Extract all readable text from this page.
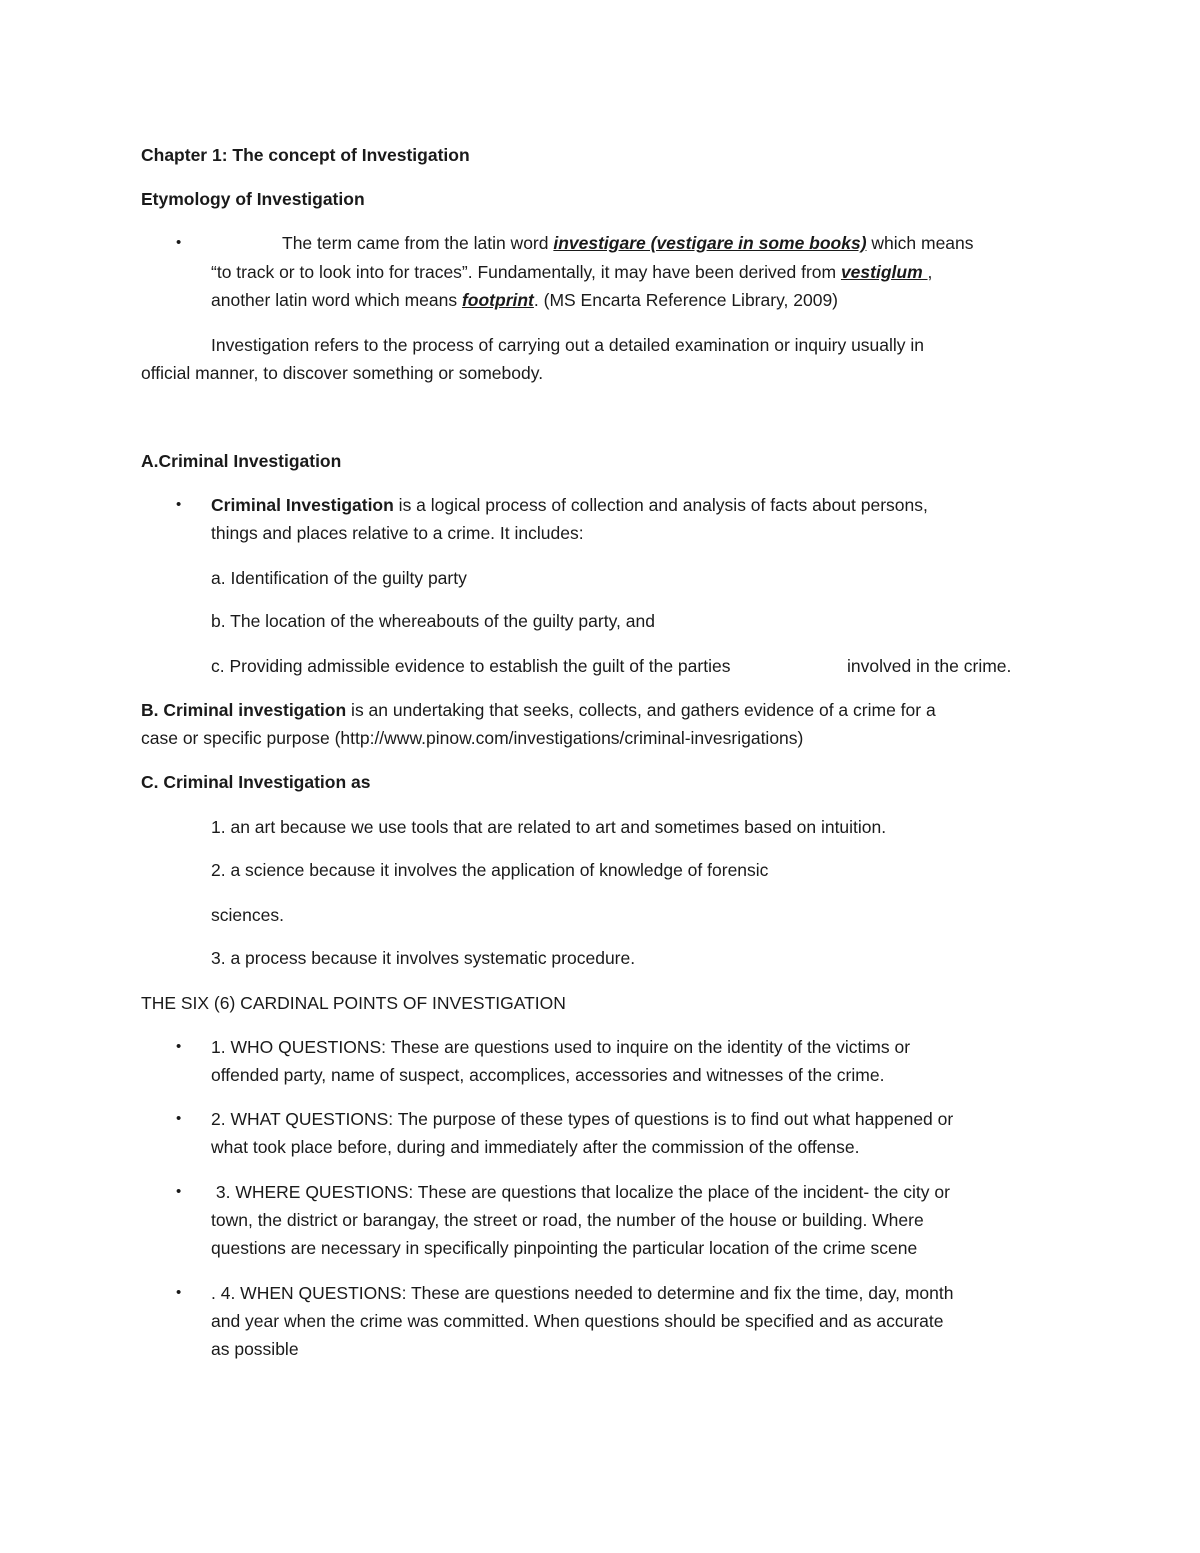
Chapter 1: The concept of Investigation
Etymology of Investigation
•	The term came from the latin word investigare (vestigare in some books) which means
“to track or to look into for traces”. Fundamentally, it may have been derived from vestiglum ,
another latin word which means footprint. (MS Encarta Reference Library, 2009)
Investigation refers to the process of carrying out a detailed examination or inquiry usually in
official manner, to discover something or somebody.
A.Criminal Investigation
• Criminal Investigation is a logical process of collection and analysis of facts about persons,
things and places relative to a crime. It includes:
a. Identification of the guilty party
b. The location of the whereabouts of the guilty party, and
c. Providing admissible evidence to establish the guilt of the parties	involved in the crime.
B. Criminal investigation is an undertaking that seeks, collects, and gathers evidence of a crime for a
case or specific purpose (http://www.pinow.com/investigations/criminal-invesrigations)
C. Criminal Investigation as
1. an art because we use tools that are related to art and sometimes based on intuition.
2. a science because it involves the application of knowledge of forensic
sciences.
3. a process because it involves systematic procedure.
THE SIX (6) CARDINAL POINTS OF INVESTIGATION
• 1. WHO QUESTIONS: These are questions used to inquire on the identity of the victims or
offended party, name of suspect, accomplices, accessories and witnesses of the crime.
• 2. WHAT QUESTIONS: The purpose of these types of questions is to find out what happened or
what took place before, during and immediately after the commission of the offense.
• 3. WHERE QUESTIONS: These are questions that localize the place of the incident- the city or
town, the district or barangay, the street or road, the number of the house or building. Where
questions are necessary in specifically pinpointing the particular location of the crime scene
• . 4. WHEN QUESTIONS: These are questions needed to determine and fix the time, day, month
and year when the crime was committed. When questions should be specified and as accurate
as possible
